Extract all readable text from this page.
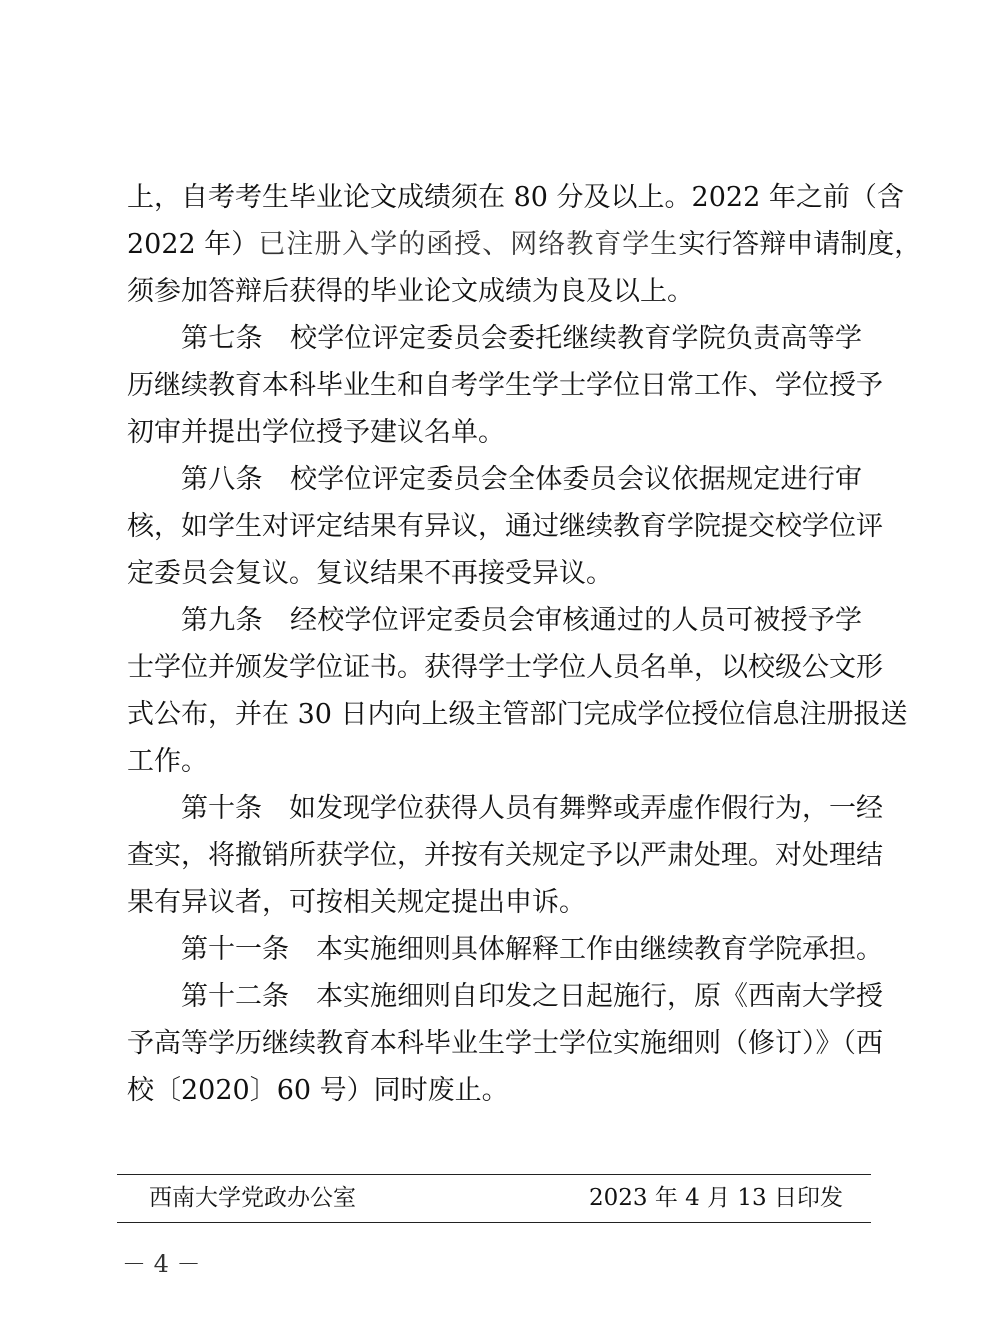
上，自考考生毕业论文成绩须在 80 分及以上。2022 年之前（含
2022 年）已注册入学的函授、网络教育学生实行答辩申请制度，
须参加答辩后获得的毕业论文成绩为良及以上。
第七条　校学位评定委员会委托继续教育学院负责高等学
历继续教育本科毕业生和自考学生学士学位日常工作、学位授予
初审并提出学位授予建议名单。
第八条　校学位评定委员会全体委员会议依据规定进行审
核，如学生对评定结果有异议，通过继续教育学院提交校学位评
定委员会复议。复议结果不再接受异议。
第九条　经校学位评定委员会审核通过的人员可被授予学
士学位并颁发学位证书。获得学士学位人员名单，以校级公文形
式公布，并在 30 日内向上级主管部门完成学位授位信息注册报送
工作。
第十条　如发现学位获得人员有舞弊或弄虚作假行为，一经
查实，将撤销所获学位，并按有关规定予以严肃处理。对处理结
果有异议者，可按相关规定提出申诉。
第十一条　本实施细则具体解释工作由继续教育学院承担。
第十二条　本实施细则自印发之日起施行，原《西南大学授
予高等学历继续教育本科毕业生学士学位实施细则（修订）》（西
校〔2020〕60 号）同时废止。
西南大学党政办公室	2023 年 4 月 13 日印发
－ 4 －
